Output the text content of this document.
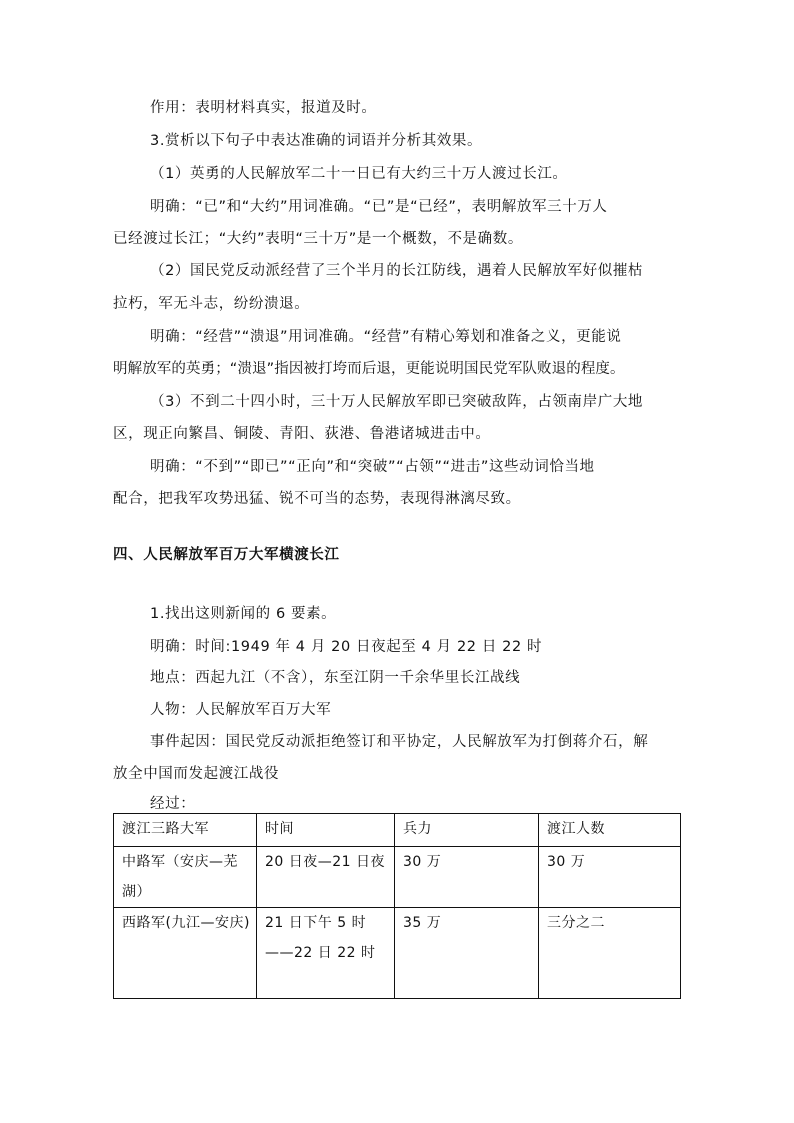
作用：表明材料真实，报道及时。
3.赏析以下句子中表达准确的词语并分析其效果。
（1）英勇的人民解放军二十一日已有大约三十万人渡过长江。
明确：“已”和“大约”用词准确。“已”是“已经”，表明解放军三十万人
已经渡过长江；“大约”表明“三十万”是一个概数，不是确数。
（2）国民党反动派经营了三个半月的长江防线，遇着人民解放军好似摧枯
拉朽，军无斗志，纷纷溃退。
明确：“经营”“溃退”用词准确。“经营”有精心筹划和准备之义，更能说
明解放军的英勇；“溃退”指因被打垮而后退，更能说明国民党军队败退的程度。
（3）不到二十四小时，三十万人民解放军即已突破敌阵，占领南岸广大地
区，现正向繁昌、铜陵、青阳、荻港、鲁港诸城进击中。
明确：“不到”“即已”“正向”和“突破”“占领”“进击”这些动词恰当地
配合，把我军攻势迅猛、锐不可当的态势，表现得淋漓尽致。
四、人民解放军百万大军横渡长江
1.找出这则新闻的 6 要素。
明确：时间:1949 年 4 月 20 日夜起至 4 月 22 日 22 时
地点：西起九江（不含），东至江阴一千余华里长江战线
人物：人民解放军百万大军
事件起因：国民党反动派拒绝签订和平协定，人民解放军为打倒蒋介石，解
放全中国而发起渡江战役
经过：
渡江三路大军	时间	兵力	渡江人数

中路军（安庆—芜湖）	20 日夜—21 日夜	30 万	30 万

西路军(九江—安庆)	21 日下午 5 时——22 日 22 时	35 万	三分之二
